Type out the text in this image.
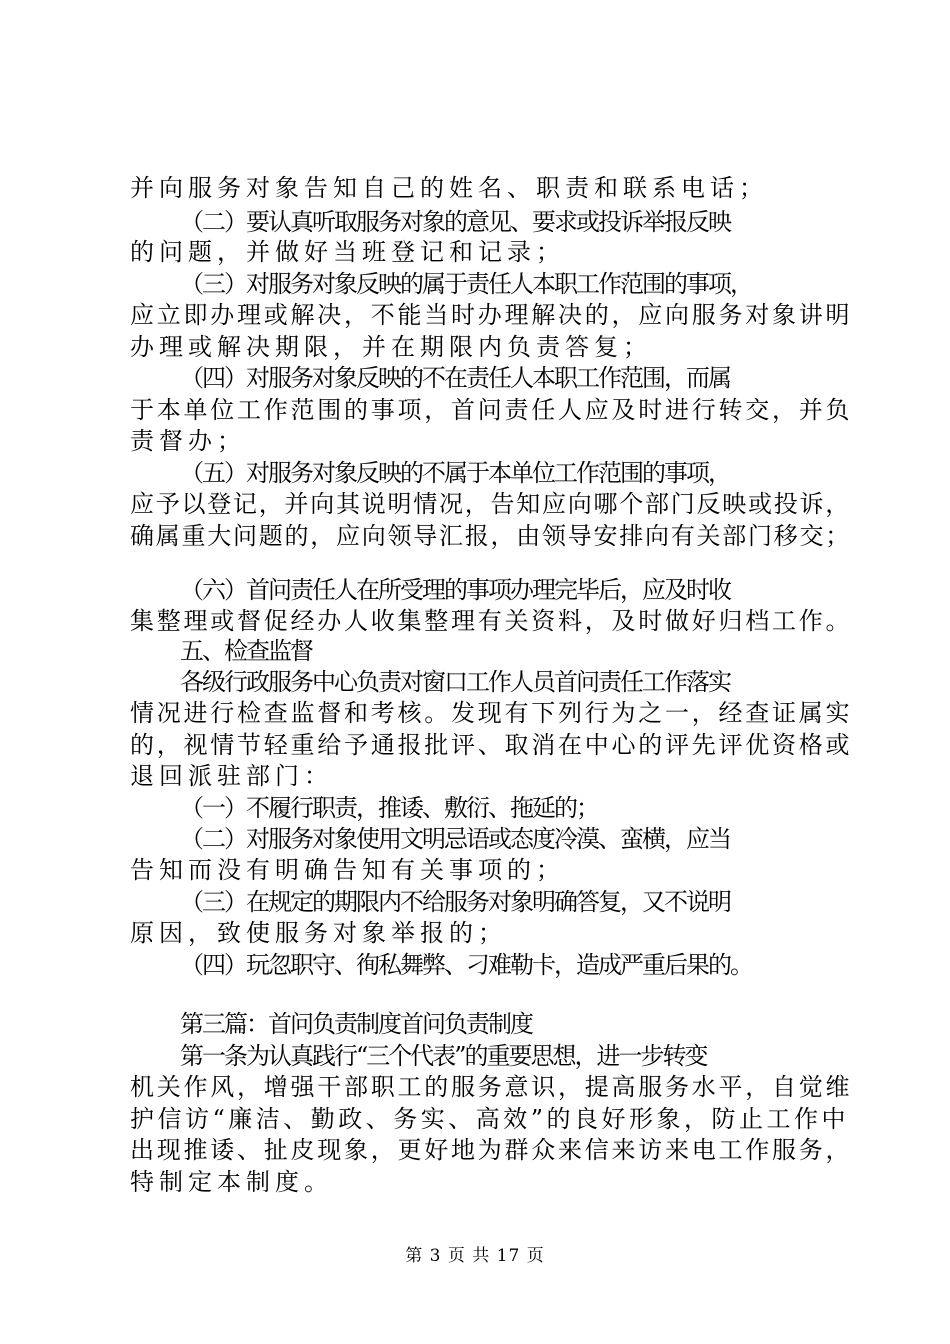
并向服务对象告知自己的姓名、职责和联系电话；
（二）要认真听取服务对象的意见、要求或投诉举报反映
的问题，并做好当班登记和记录；
（三）对服务对象反映的属于责任人本职工作范围的事项，
应立即办理或解决，不能当时办理解决的，应向服务对象讲明
办理或解决期限，并在期限内负责答复；
（四）对服务对象反映的不在责任人本职工作范围，而属
于本单位工作范围的事项，首问责任人应及时进行转交，并负
责督办；
（五）对服务对象反映的不属于本单位工作范围的事项，
应予以登记，并向其说明情况，告知应向哪个部门反映或投诉，
确属重大问题的，应向领导汇报，由领导安排向有关部门移交；
（六）首问责任人在所受理的事项办理完毕后，应及时收
集整理或督促经办人收集整理有关资料，及时做好归档工作。
五、检查监督
各级行政服务中心负责对窗口工作人员首问责任工作落实
情况进行检查监督和考核。发现有下列行为之一，经查证属实
的，视情节轻重给予通报批评、取消在中心的评先评优资格或
退回派驻部门：
（一）不履行职责，推诿、敷衍、拖延的；
（二）对服务对象使用文明忌语或态度冷漠、蛮横，应当
告知而没有明确告知有关事项的；
（三）在规定的期限内不给服务对象明确答复，又不说明
原因，致使服务对象举报的；
（四）玩忽职守、徇私舞弊、刁难勒卡，造成严重后果的。
第三篇：首问负责制度首问负责制度
第一条为认真践行“三个代表”的重要思想，进一步转变
机关作风，增强干部职工的服务意识，提高服务水平，自觉维
护信访“廉洁、勤政、务实、高效”的良好形象，防止工作中
出现推诿、扯皮现象，更好地为群众来信来访来电工作服务，
特制定本制度。
第 3 页 共 17 页
